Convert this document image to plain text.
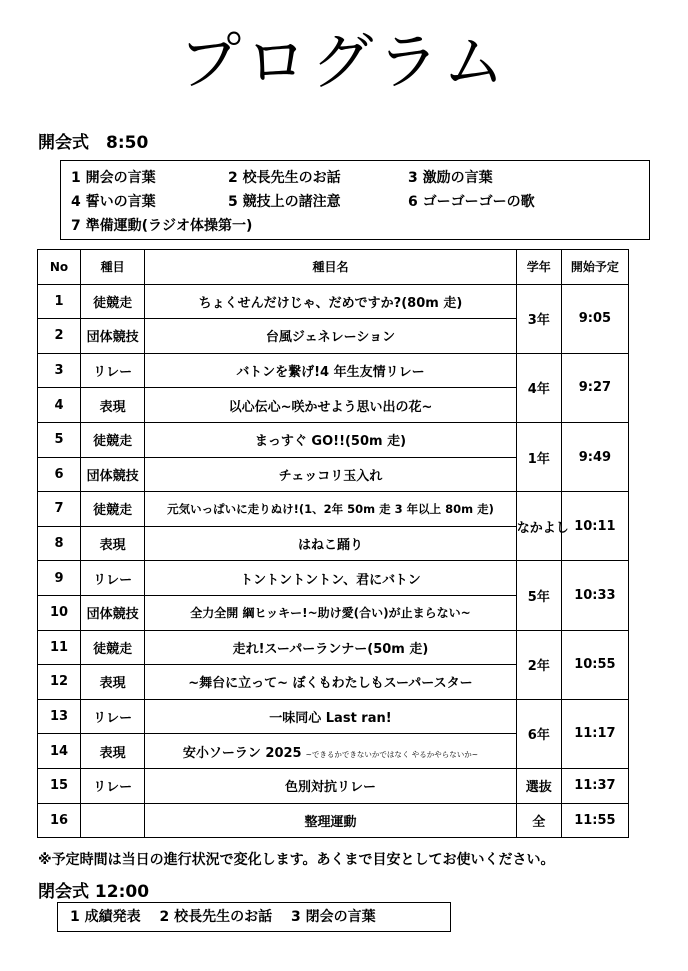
プログラム
開会式　8:50
1 開会の言葉	2 校長先生のお話	3 激励の言葉
4 誓いの言葉	5 競技上の諸注意	6 ゴーゴーゴーの歌
7 準備運動(ラジオ体操第一)
No	種目	種目名	学年	開始予定
1	徒競走	ちょくせんだけじゃ、だめですか?(80m 走)	3年	9:05
2	団体競技	台風ジェネレーション		
3	リレー	バトンを繋げ!4 年生友情リレー	4年	9:27
4	表現	以心伝心~咲かせよう思い出の花~		
5	徒競走	まっすぐ GO!!(50m 走)	1年	9:49
6	団体競技	チェッコリ玉入れ		
7	徒競走	元気いっぱいに走りぬけ!(1、2年 50m 走 3 年以上 80m 走)	なかよし	10:11
8	表現	はねこ踊り		
9	リレー	トントントントン、君にバトン	5年	10:33
10	団体競技	全力全開 綱ヒッキー!~助け愛(合い)が止まらない~		
11	徒競走	走れ!スーパーランナー(50m 走)	2年	10:55
12	表現	~舞台に立って~ ぼくもわたしもスーパースター		
13	リレー	一味同心 Last ran!	6年	11:17
14	表現	安小ソーラン 2025 ~できるかできないかではなく やるかやらないか~		
15	リレー	色別対抗リレー	選抜	11:37
16		整理運動	全	11:55
※予定時間は当日の進行状況で変化します。あくまで目安としてお使いください。
閉会式 12:00
1 成績発表 2 校長先生のお話 3 閉会の言葉
